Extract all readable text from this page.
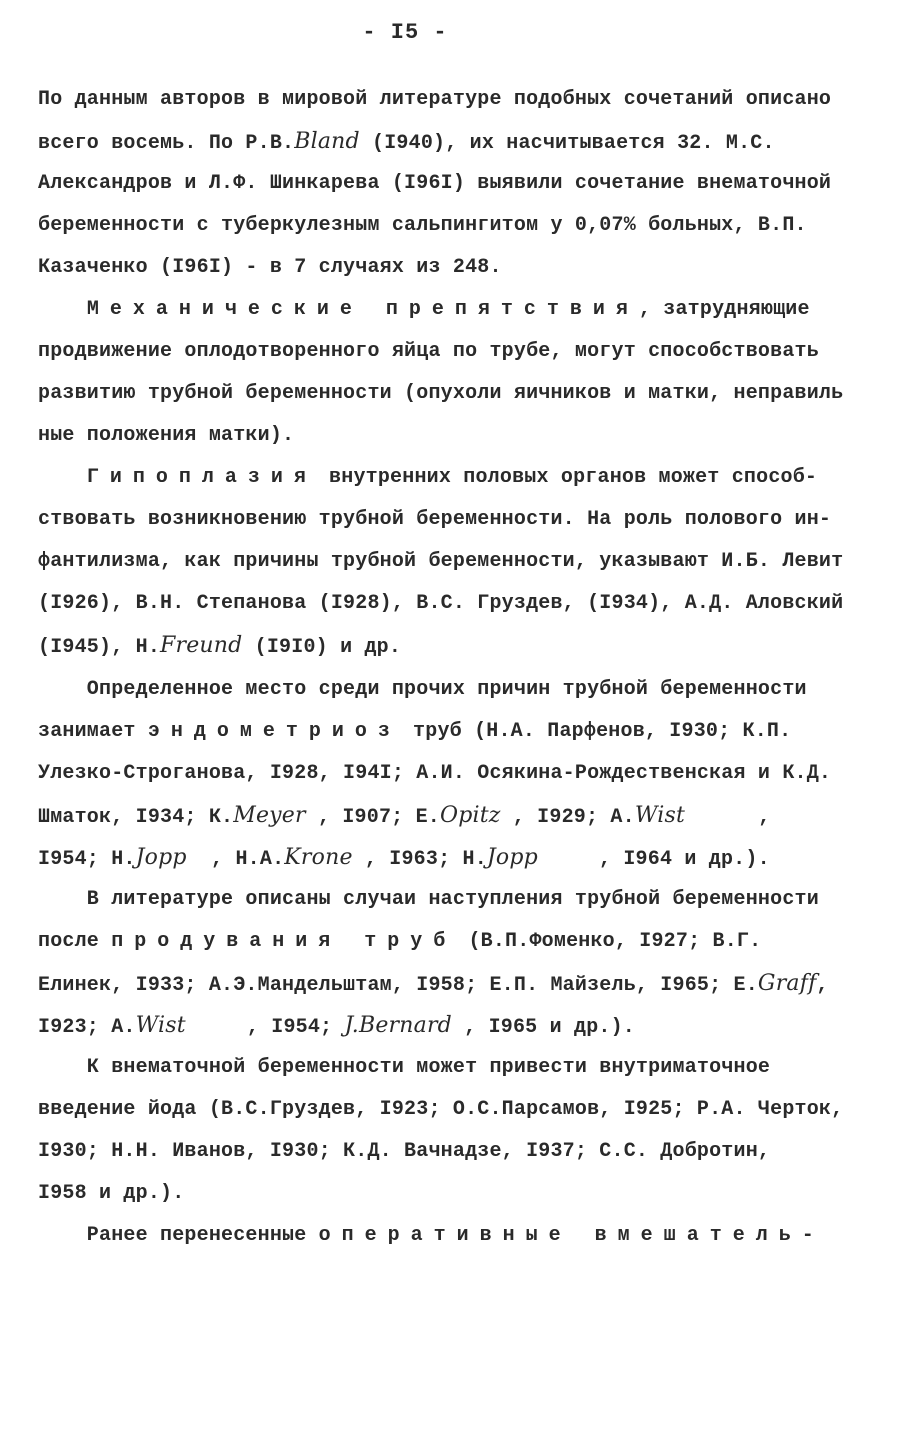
- I5 -
По данным авторов в мировой литературе подобных сочетаний описано
всего восемь. По Р.В.Bland (I940), их насчитывается 32. М.С.
Александров и Л.Ф. Шинкарева (I96I) выявили сочетание внематочной
беременности с туберкулезным сальпингитом у 0,07% больных, В.П.
Казаченко (I96I) - в 7 случаях из 248.
Механические препятствия, затрудняющие
продвижение оплодотворенного яйца по трубе, могут способствовать
развитию трубной беременности (опухоли яичников и матки, неправиль
ные положения матки).
Гипоплазия внутренних половых органов может способ-
ствовать возникновению трубной беременности. На роль полового ин-
фантилизма, как причины трубной беременности, указывают И.Б. Левит
(I926), В.Н. Степанова (I928), В.С. Груздев, (I934), А.Д. Аловский
(I945), Н.Freund (I9I0) и др.
Определенное место среди прочих причин трубной беременности
занимает эндометриоз труб (Н.А. Парфенов, I930; К.П.
Улезко-Строганова, I928, I94I; А.И. Осякина-Рождественская и К.Д.
Шматок, I934; К.Meyer , I907; Е.Opitz , I929; А.Wist      ,
I954; Н.Jopp  , Н.А.Krone , I963; Н.Jopp     , I964 и др.).
В литературе описаны случаи наступления трубной беременности
после продувания труб (В.П.Фоменко, I927; В.Г.
Елинек, I933; А.Э.Мандельштам, I958; Е.П. Майзель, I965; Е.Graff,
I923; А.Wist     , I954; J.Bernard , I965 и др.).
К внематочной беременности может привести внутриматочное
введение йода (В.С.Груздев, I923; О.С.Парсамов, I925; Р.А. Черток,
I930; Н.Н. Иванов, I930; К.Д. Вачнадзе, I937; С.С. Добротин,
I958 и др.).
Ранее перенесенные оперативные вмешатель-
